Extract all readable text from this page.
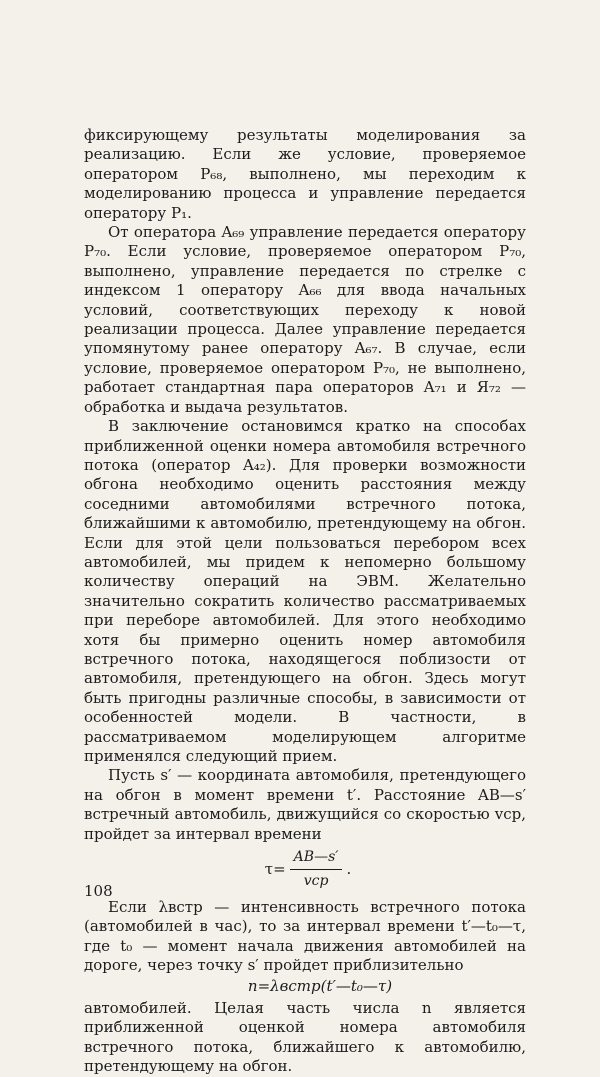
фиксирующему результаты моделирования за реализацию. Если же условие, проверяемое оператором P₆₈, выполнено, мы переходим к моделированию процесса и управление передается оператору P₁.

От оператора A₆₉ управление передается оператору P₇₀. Если условие, проверяемое оператором P₇₀, выполнено, управление передается по стрелке с индексом 1 оператору A₆₆ для ввода начальных условий, соответствующих переходу к новой реализации процесса. Далее управление передается упомянутому ранее оператору A₆₇. В случае, если условие, проверяемое оператором P₇₀, не выполнено, работает стандартная пара операторов A₇₁ и Я₇₂ — обработка и выдача результатов.

В заключение остановимся кратко на способах приближенной оценки номера автомобиля встречного потока (оператор A₄₂). Для проверки возможности обгона необходимо оценить расстояния между соседними автомобилями встречного потока, ближайшими к автомобилю, претендующему на обгон. Если для этой цели пользоваться перебором всех автомобилей, мы придем к непомерно большому количеству операций на ЭВМ. Желательно значительно сократить количество рассматриваемых при переборе автомобилей. Для этого необходимо хотя бы примерно оценить номер автомобиля встречного потока, находящегося поблизости от автомобиля, претендующего на обгон. Здесь могут быть пригодны различные способы, в зависимости от особенностей модели. В частности, в рассматриваемом моделирующем алгоритме применялся следующий прием.

Пусть s′ — координата автомобиля, претендующего на обгон в момент времени t′. Расстояние AB—s′ встречный автомобиль, движущийся со скоростью vср, пройдет за интервал времени

$\tau = \frac{AB—s'}{\text{vср}}$ .

Если λвстр — интенсивность встречного потока (автомобилей в час), то за интервал времени t′—t₀—τ, где t₀ — момент начала движения автомобилей на дороге, через точку s′ пройдет приблизительно

n=λвстр(t′—t₀—τ)

автомобилей. Целая часть числа n является приближенной оценкой номера автомобиля встречного потока, ближайшего к автомобилю, претендующему на обгон.

108
